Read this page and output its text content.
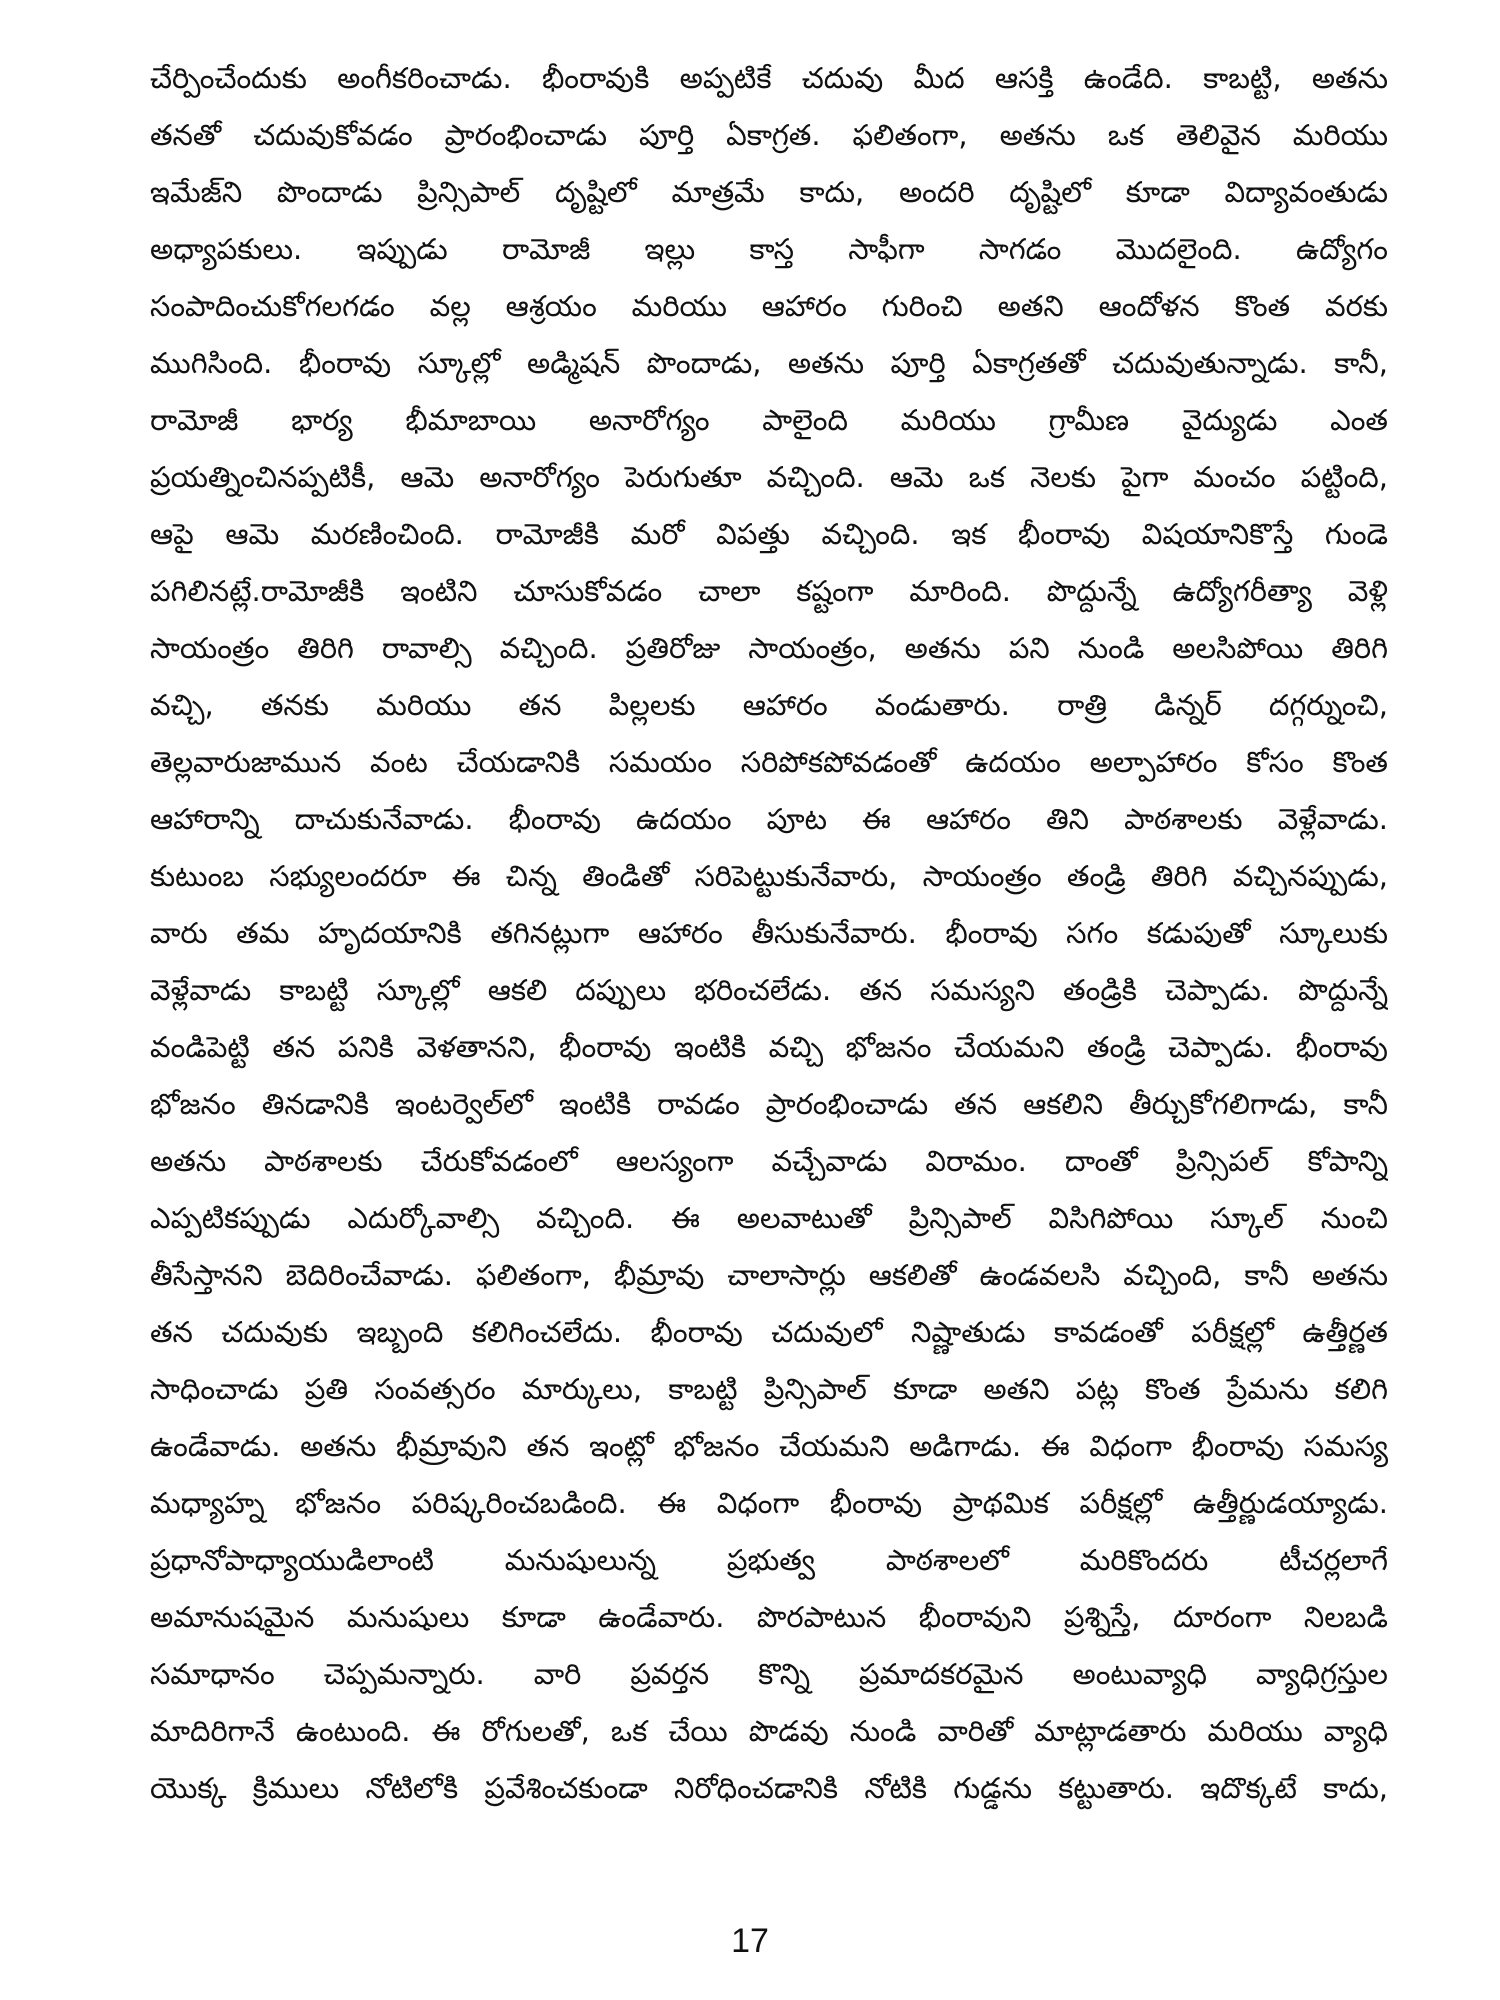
చేర్పించేందుకు అంగీకరించాడు. భీంరావుకి అప్పటికే చదువు మీద ఆసక్తి ఉండేది. కాబట్టి, అతను
తనతో చదువుకోవడం ప్రారంభించాడు పూర్తి ఏకాగ్రత. ఫలితంగా, అతను ఒక తెలివైన మరియు
ఇమేజ్‌ని పొందాడు ప్రిన్సిపాల్ దృష్టిలో మాత్రమే కాదు, అందరి దృష్టిలో కూడా విద్యావంతుడు
అధ్యాపకులు. ఇప్పుడు రామోజీ ఇల్లు కాస్త సాఫీగా సాగడం మొదలైంది. ఉద్యోగం
సంపాదించుకోగలగడం వల్ల ఆశ్రయం మరియు ఆహారం గురించి అతని ఆందోళన కొంత వరకు
ముగిసింది. భీంరావు స్కూల్లో అడ్మిషన్ పొందాడు, అతను పూర్తి ఏకాగ్రతతో చదువుతున్నాడు. కానీ,
రామోజీ భార్య భీమాబాయి అనారోగ్యం పాలైంది మరియు గ్రామీణ వైద్యుడు ఎంత
ప్రయత్నించినప్పటికీ, ఆమె అనారోగ్యం పెరుగుతూ వచ్చింది. ఆమె ఒక నెలకు పైగా మంచం పట్టింది,
ఆపై ఆమె మరణించింది. రామోజీకి మరో విపత్తు వచ్చింది. ఇక భీంరావు విషయానికొస్తే గుండె
పగిలినట్లే.రామోజీకి ఇంటిని చూసుకోవడం చాలా కష్టంగా మారింది. పొద్దున్నే ఉద్యోగరీత్యా వెళ్లి
సాయంత్రం తిరిగి రావాల్సి వచ్చింది. ప్రతిరోజు సాయంత్రం, అతను పని నుండి అలసిపోయి తిరిగి
వచ్చి, తనకు మరియు తన పిల్లలకు ఆహారం వండుతారు. రాత్రి డిన్నర్ దగ్గర్నుంచి,
తెల్లవారుజామున వంట చేయడానికి సమయం సరిపోకపోవడంతో ఉదయం అల్పాహారం కోసం కొంత
ఆహారాన్ని దాచుకునేవాడు. భీంరావు ఉదయం పూట ఈ ఆహారం తిని పాఠశాలకు వెళ్లేవాడు.
కుటుంబ సభ్యులందరూ ఈ చిన్న తిండితో సరిపెట్టుకునేవారు, సాయంత్రం తండ్రి తిరిగి వచ్చినప్పుడు,
వారు తమ హృదయానికి తగినట్లుగా ఆహారం తీసుకునేవారు. భీంరావు సగం కడుపుతో స్కూలుకు
వెళ్లేవాడు కాబట్టి స్కూల్లో ఆకలి దప్పులు భరించలేడు. తన సమస్యని తండ్రికి చెప్పాడు. పొద్దున్నే
వండిపెట్టి తన పనికి వెళతానని, భీంరావు ఇంటికి వచ్చి భోజనం చేయమని తండ్రి చెప్పాడు. భీంరావు
భోజనం తినడానికి ఇంటర్వెల్‌లో ఇంటికి రావడం ప్రారంభించాడు తన ఆకలిని తీర్చుకోగలిగాడు, కానీ
అతను పాఠశాలకు చేరుకోవడంలో ఆలస్యంగా వచ్చేవాడు విరామం. దాంతో ప్రిన్సిపల్ కోపాన్ని
ఎప్పటికప్పుడు ఎదుర్కోవాల్సి వచ్చింది. ఈ అలవాటుతో ప్రిన్సిపాల్ విసిగిపోయి స్కూల్ నుంచి
తీసేస్తానని బెదిరించేవాడు. ఫలితంగా, భీమ్రావు చాలాసార్లు ఆకలితో ఉండవలసి వచ్చింది, కానీ అతను
తన చదువుకు ఇబ్బంది కలిగించలేదు. భీంరావు చదువులో నిష్ణాతుడు కావడంతో పరీక్షల్లో ఉత్తీర్ణత
సాధించాడు ప్రతి సంవత్సరం మార్కులు, కాబట్టి ప్రిన్సిపాల్ కూడా అతని పట్ల కొంత ప్రేమను కలిగి
ఉండేవాడు. అతను భీమ్రావుని తన ఇంట్లో భోజనం చేయమని అడిగాడు. ఈ విధంగా భీంరావు సమస్య
మధ్యాహ్న భోజనం పరిష్కరించబడింది. ఈ విధంగా భీంరావు ప్రాథమిక పరీక్షల్లో ఉత్తీర్ణుడయ్యాడు.
ప్రధానోపాధ్యాయుడిలాంటి మనుషులున్న ప్రభుత్వ పాఠశాలలో మరికొందరు టీచర్లలాగే
అమానుషమైన మనుషులు కూడా ఉండేవారు. పొరపాటున భీంరావుని ప్రశ్నిస్తే, దూరంగా నిలబడి
సమాధానం చెప్పమన్నారు. వారి ప్రవర్తన కొన్ని ప్రమాదకరమైన అంటువ్యాధి వ్యాధిగ్రస్తుల
మాదిరిగానే ఉంటుంది. ఈ రోగులతో, ఒక చేయి పొడవు నుండి వారితో మాట్లాడతారు మరియు వ్యాధి
యొక్క క్రిములు నోటిలోకి ప్రవేశించకుండా నిరోధించడానికి నోటికి గుడ్డను కట్టుతారు. ఇదొక్కటే కాదు,
17
